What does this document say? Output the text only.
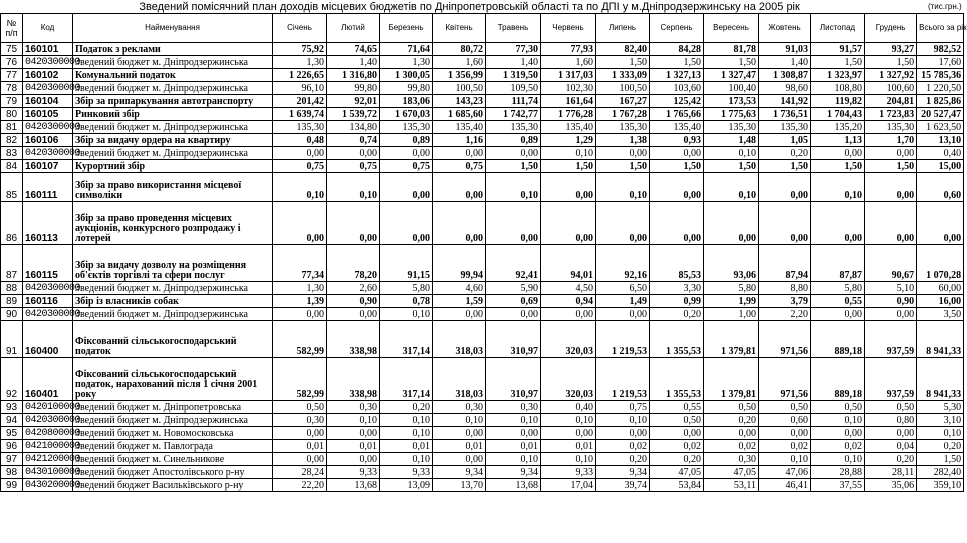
	Зведений помісячний план доходів місцевих бюджетів по Дніпропетровській області та по ДПІ у м.Дніпродзержинську на 2005 рік														(тис.грн.)
№ п/п	Код	Найменування	Січень	Лютий	Березень	Квітень	Травень	Червень	Липень	Серпень	Вересень	Жовтень	Листопад	Грудень	Всього за рік
75	160101	Податок з реклами	75,92	74,65	71,64	80,72	77,30	77,93	82,40	84,28	81,78	91,03	91,57	93,27	982,52
76	0420300000	Зведений бюджет м. Дніпродзержинська	1,30	1,40	1,30	1,60	1,40	1,60	1,50	1,50	1,50	1,40	1,50	1,50	17,60
77	160102	Комунальний податок	1 226,65	1 316,80	1 300,05	1 356,99	1 319,50	1 317,03	1 333,09	1 327,13	1 327,47	1 308,87	1 323,97	1 327,92	15 785,36
78	0420300000	Зведений бюджет м. Дніпродзержинська	96,10	99,80	99,80	100,50	109,50	102,30	100,50	103,60	100,40	98,60	108,80	100,60	1 220,50
79	160104	Збір за припаркування автотранспорту	201,42	92,01	183,06	143,23	111,74	161,64	167,27	125,42	173,53	141,92	119,82	204,81	1 825,86
80	160105	Ринковий збір	1 639,74	1 539,72	1 670,03	1 685,60	1 742,77	1 776,28	1 767,28	1 765,66	1 775,63	1 736,51	1 704,43	1 723,83	20 527,47
81	0420300000	Зведений бюджет м. Дніпродзержинська	135,30	134,80	135,30	135,40	135,30	135,40	135,30	135,40	135,30	135,30	135,20	135,30	1 623,50
82	160106	Збір за видачу ордера на квартиру	0,48	0,74	0,89	1,16	0,89	1,29	1,38	0,93	1,48	1,05	1,13	1,70	13,10
83	0420300000	Зведений бюджет м. Дніпродзержинська	0,00	0,00	0,00	0,00	0,00	0,10	0,00	0,00	0,10	0,20	0,00	0,00	0,40
84	160107	Курортний збір	0,75	0,75	0,75	0,75	1,50	1,50	1,50	1,50	1,50	1,50	1,50	1,50	15,00
85	160111	Збір за право використання місцевої символіки	0,10	0,10	0,00	0,00	0,10	0,00	0,10	0,00	0,10	0,00	0,10	0,00	0,60
86	160113	Збір за право проведення місцевих аукціонів, конкурсного розпродажу і лотерей	0,00	0,00	0,00	0,00	0,00	0,00	0,00	0,00	0,00	0,00	0,00	0,00	0,00
87	160115	Збір за видачу дозволу на розміщення об'єктів торгівлі та сфери послуг	77,34	78,20	91,15	99,94	92,41	94,01	92,16	85,53	93,06	87,94	87,87	90,67	1 070,28
88	0420300000	Зведений бюджет м. Дніпродзержинська	1,30	2,60	5,80	4,60	5,90	4,50	6,50	3,30	5,80	8,80	5,80	5,10	60,00
89	160116	Збір із власників собак	1,39	0,90	0,78	1,59	0,69	0,94	1,49	0,99	1,99	3,79	0,55	0,90	16,00
90	0420300000	Зведений бюджет м. Дніпродзержинська	0,00	0,00	0,10	0,00	0,00	0,00	0,00	0,20	1,00	2,20	0,00	0,00	3,50
91	160400	Фіксований сільськогосподарський податок	582,99	338,98	317,14	318,03	310,97	320,03	1 219,53	1 355,53	1 379,81	971,56	889,18	937,59	8 941,33
92	160401	Фіксований сільськогосподарський податок, нарахований після 1 січня 2001 року	582,99	338,98	317,14	318,03	310,97	320,03	1 219,53	1 355,53	1 379,81	971,56	889,18	937,59	8 941,33
93	0420100000	Зведений бюджет м. Дніпропетровська	0,50	0,30	0,20	0,30	0,30	0,40	0,75	0,55	0,50	0,50	0,50	0,50	5,30
94	0420300000	Зведений бюджет м. Дніпродзержинська	0,30	0,10	0,10	0,10	0,10	0,10	0,10	0,50	0,20	0,60	0,10	0,80	3,10
95	0420800000	Зведений бюджет м. Новомосковська	0,00	0,00	0,10	0,00	0,00	0,00	0,00	0,00	0,00	0,00	0,00	0,00	0,10
96	0421000000	Зведений бюджет м. Павлограда	0,01	0,01	0,01	0,01	0,01	0,01	0,02	0,02	0,02	0,02	0,02	0,04	0,20
97	0421200000	Зведений бюджет м. Синельникове	0,00	0,00	0,10	0,00	0,10	0,10	0,20	0,20	0,30	0,10	0,10	0,20	1,50
98	0430100000	Зведений бюджет Апостолівського р-ну	28,24	9,33	9,33	9,34	9,34	9,33	9,34	47,05	47,05	47,06	28,88	28,11	282,40
99	0430200000	Зведений бюджет Васильківського р-ну	22,20	13,68	13,09	13,70	13,68	17,04	39,74	53,84	53,11	46,41	37,55	35,06	359,10
